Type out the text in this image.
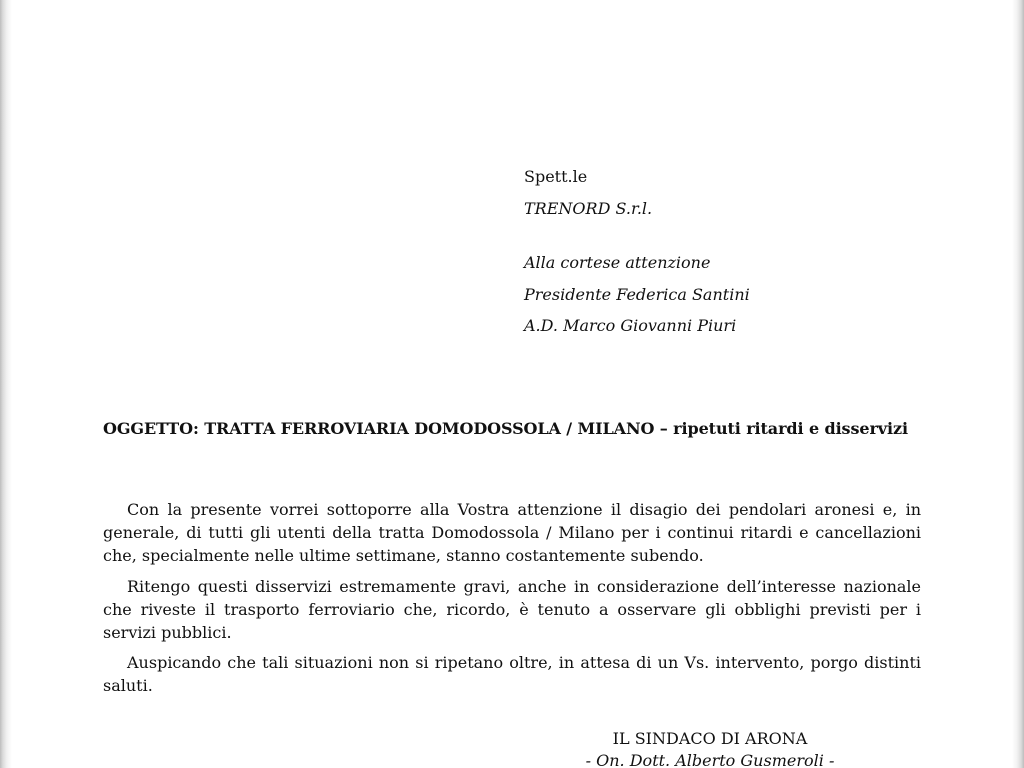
Spett.le
TRENORD S.r.l.
Alla cortese attenzione
Presidente Federica Santini
A.D. Marco Giovanni Piuri
OGGETTO: TRATTA FERROVIARIA DOMODOSSOLA / MILANO – ripetuti ritardi e disservizi

Con la presente vorrei sottoporre alla Vostra attenzione il disagio dei pendolari aronesi e, in generale, di tutti gli utenti della tratta Domodossola / Milano per i continui ritardi e cancellazioni che, specialmente nelle ultime settimane, stanno costantemente subendo.

Ritengo questi disservizi estremamente gravi, anche in considerazione dell’interesse nazionale che riveste il trasporto ferroviario che, ricordo, è tenuto a osservare gli obblighi previsti per i servizi pubblici.

Auspicando che tali situazioni non si ripetano oltre, in attesa di un Vs. intervento, porgo distinti saluti.

IL SINDACO DI ARONA
- On. Dott. Alberto Gusmeroli -
